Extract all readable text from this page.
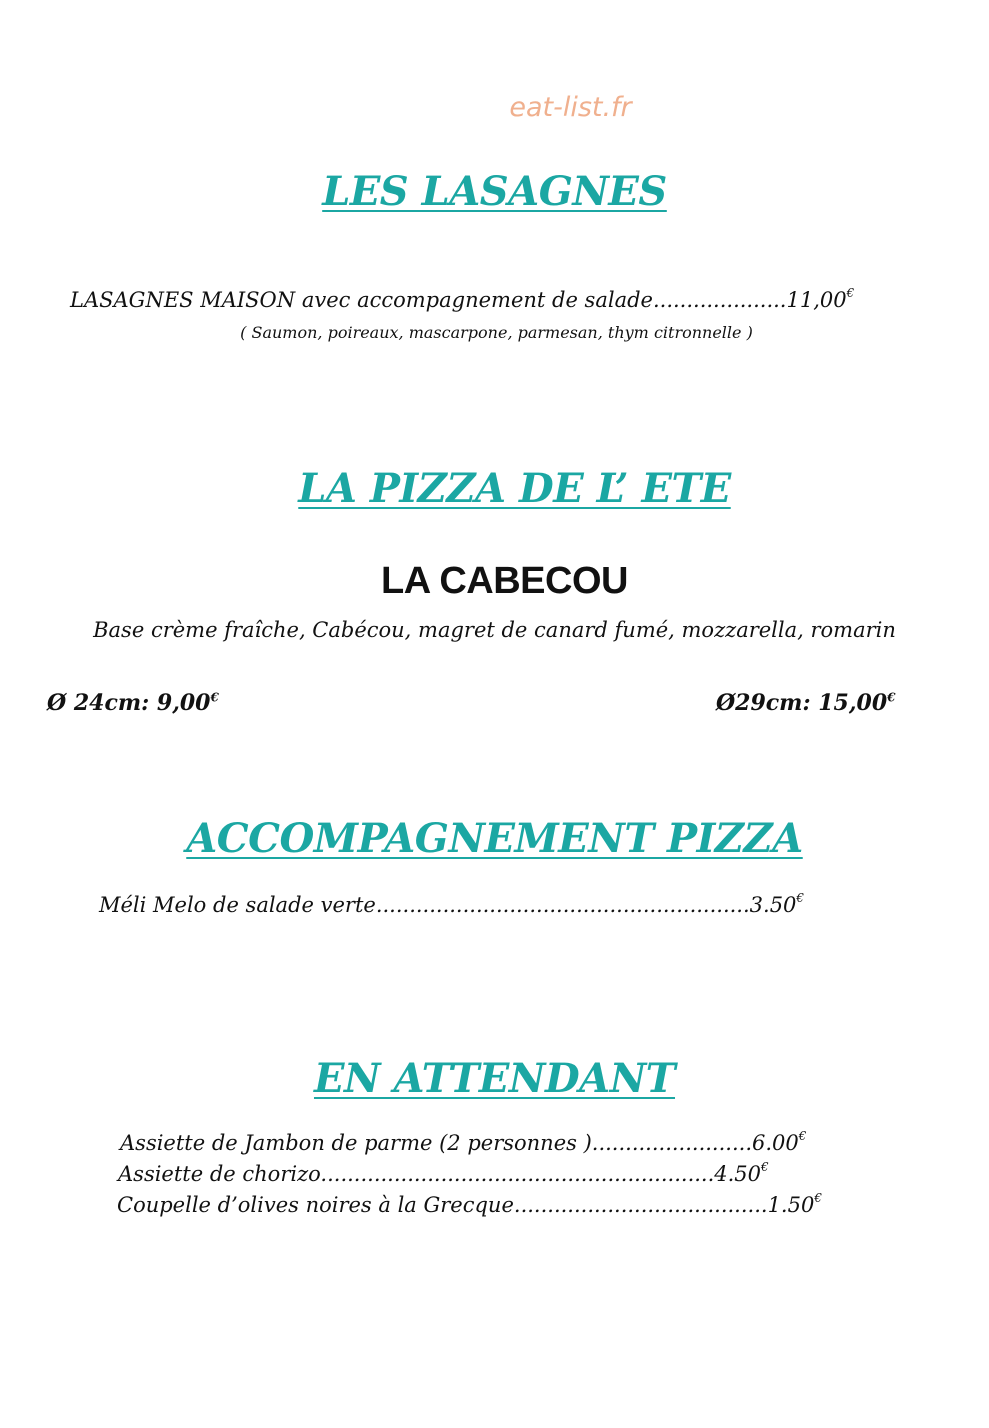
eat-list.fr
LES LASAGNES
LASAGNES MAISON avec accompagnement de salade....................11,00€
( Saumon, poireaux, mascarpone, parmesan, thym citronnelle )
LA PIZZA DE L’ ETE
LA CABECOU
Base crème fraîche, Cabécou, magret de canard fumé, mozzarella, romarin
Ø 24cm: 9,00€	Ø29cm: 15,00€
ACCOMPAGNEMENT PIZZA
Méli Melo de salade verte........................................................3.50€
EN ATTENDANT
Assiette de Jambon de parme (2 personnes )........................6.00€
Assiette de chorizo...........................................................4.50€
Coupelle d’olives noires à la Grecque......................................1.50€
